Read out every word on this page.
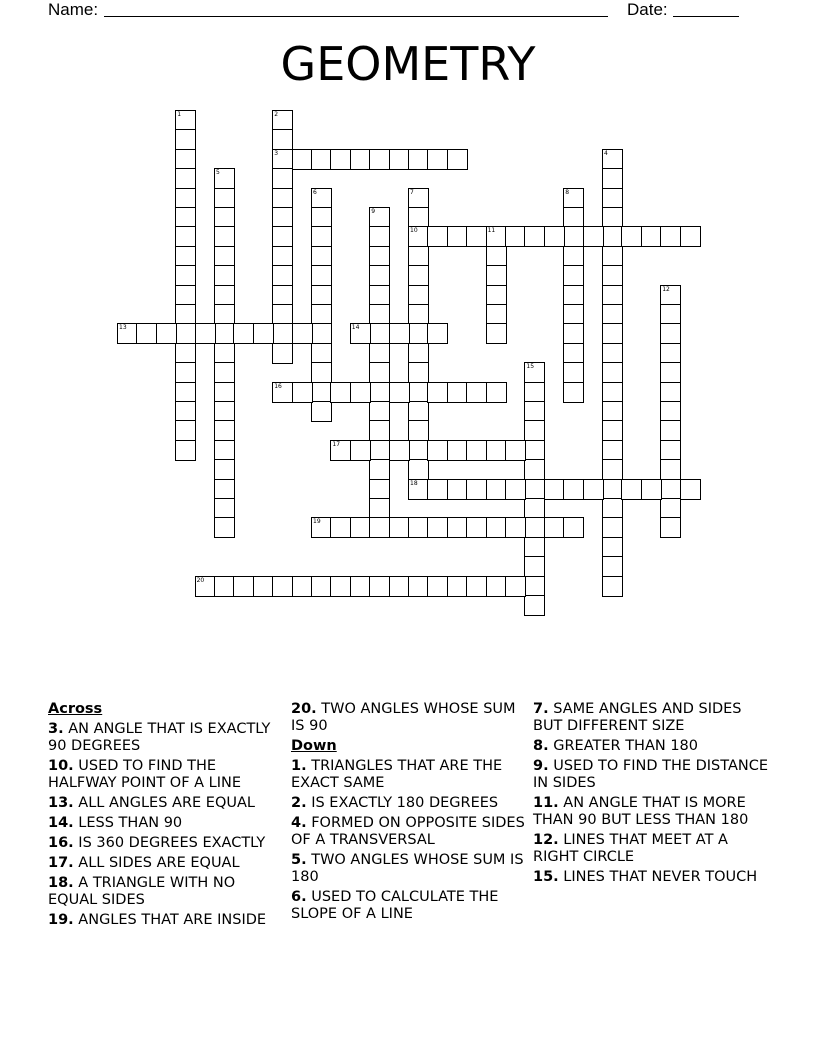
Name:	Date:
GEOMETRY
1	2
3	4
5
6	7	8
9
10	11
12
13	14
15
16
17
18
19
20
Across
3. AN ANGLE THAT IS EXACTLY 90 DEGREES
10. USED TO FIND THE HALFWAY POINT OF A LINE
13. ALL ANGLES ARE EQUAL
14. LESS THAN 90
16. IS 360 DEGREES EXACTLY
17. ALL SIDES ARE EQUAL
18. A TRIANGLE WITH NO EQUAL SIDES
19. ANGLES THAT ARE INSIDE
20. TWO ANGLES WHOSE SUM IS 90
Down
1. TRIANGLES THAT ARE THE EXACT SAME
2. IS EXACTLY 180 DEGREES
4. FORMED ON OPPOSITE SIDES OF A TRANSVERSAL
5. TWO ANGLES WHOSE SUM IS 180
6. USED TO CALCULATE THE SLOPE OF A LINE
7. SAME ANGLES AND SIDES BUT DIFFERENT SIZE
8. GREATER THAN 180
9. USED TO FIND THE DISTANCE IN SIDES
11. AN ANGLE THAT IS MORE THAN 90 BUT LESS THAN 180
12. LINES THAT MEET AT A RIGHT CIRCLE
15. LINES THAT NEVER TOUCH
